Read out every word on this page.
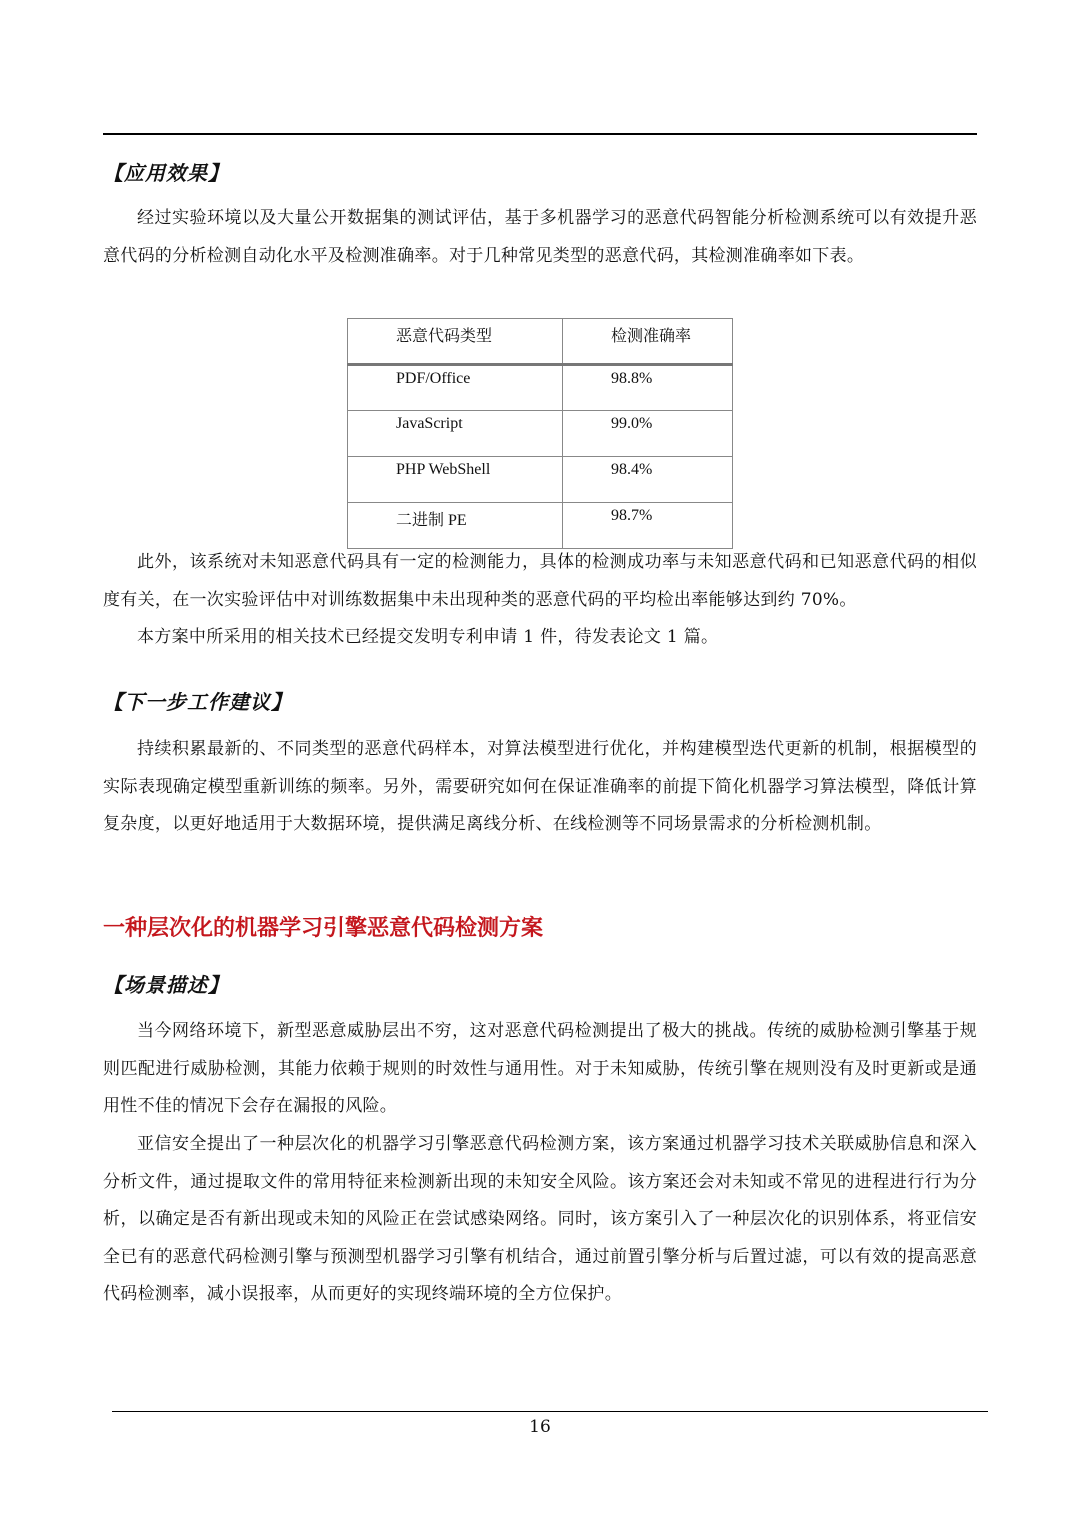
【应用效果】

经过实验环境以及大量公开数据集的测试评估，基于多机器学习的恶意代码智能分析检测系统可以有效提升恶意代码的分析检测自动化水平及检测准确率。对于几种常见类型的恶意代码，其检测准确率如下表。

恶意代码类型	检测准确率
PDF/Office	98.8%
JavaScript	99.0%
PHP WebShell	98.4%
二进制 PE	98.7%

此外，该系统对未知恶意代码具有一定的检测能力，具体的检测成功率与未知恶意代码和已知恶意代码的相似度有关，在一次实验评估中对训练数据集中未出现种类的恶意代码的平均检出率能够达到约 70%。

本方案中所采用的相关技术已经提交发明专利申请 1 件，待发表论文 1 篇。

【下一步工作建议】

持续积累最新的、不同类型的恶意代码样本，对算法模型进行优化，并构建模型迭代更新的机制，根据模型的实际表现确定模型重新训练的频率。另外，需要研究如何在保证准确率的前提下简化机器学习算法模型，降低计算复杂度，以更好地适用于大数据环境，提供满足离线分析、在线检测等不同场景需求的分析检测机制。

一种层次化的机器学习引擎恶意代码检测方案
【场景描述】

当今网络环境下，新型恶意威胁层出不穷，这对恶意代码检测提出了极大的挑战。传统的威胁检测引擎基于规则匹配进行威胁检测，其能力依赖于规则的时效性与通用性。对于未知威胁，传统引擎在规则没有及时更新或是通用性不佳的情况下会存在漏报的风险。

亚信安全提出了一种层次化的机器学习引擎恶意代码检测方案，该方案通过机器学习技术关联威胁信息和深入分析文件，通过提取文件的常用特征来检测新出现的未知安全风险。该方案还会对未知或不常见的进程进行行为分析，以确定是否有新出现或未知的风险正在尝试感染网络。同时，该方案引入了一种层次化的识别体系，将亚信安全已有的恶意代码检测引擎与预测型机器学习引擎有机结合，通过前置引擎分析与后置过滤，可以有效的提高恶意代码检测率，减小误报率，从而更好的实现终端环境的全方位保护。

16
